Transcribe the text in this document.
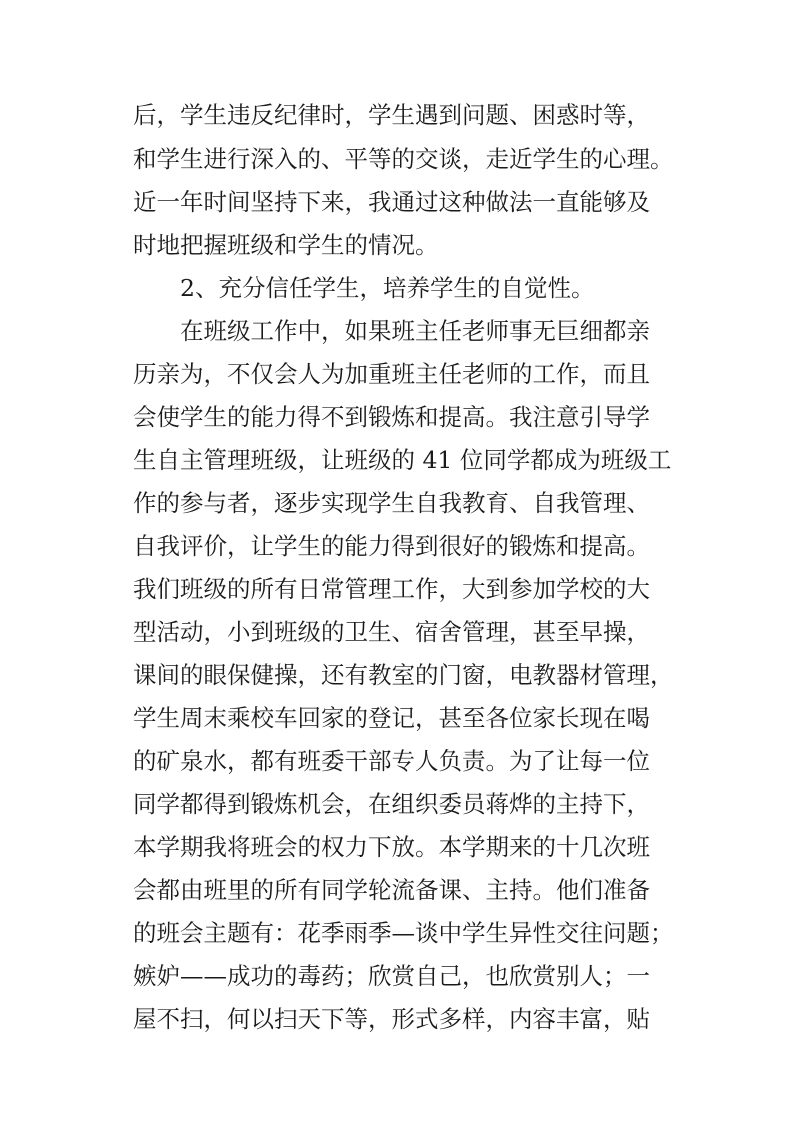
后，学生违反纪律时，学生遇到问题、困惑时等，
和学生进行深入的、平等的交谈，走近学生的心理。
近一年时间坚持下来，我通过这种做法一直能够及
时地把握班级和学生的情况。
2、充分信任学生，培养学生的自觉性。
在班级工作中，如果班主任老师事无巨细都亲
历亲为，不仅会人为加重班主任老师的工作，而且
会使学生的能力得不到锻炼和提高。我注意引导学
生自主管理班级，让班级的 41 位同学都成为班级工
作的参与者，逐步实现学生自我教育、自我管理、
自我评价，让学生的能力得到很好的锻炼和提高。
我们班级的所有日常管理工作，大到参加学校的大
型活动，小到班级的卫生、宿舍管理，甚至早操，
课间的眼保健操，还有教室的门窗，电教器材管理，
学生周末乘校车回家的登记，甚至各位家长现在喝
的矿泉水，都有班委干部专人负责。为了让每一位
同学都得到锻炼机会，在组织委员蒋烨的主持下，
本学期我将班会的权力下放。本学期来的十几次班
会都由班里的所有同学轮流备课、主持。他们准备
的班会主题有：花季雨季—谈中学生异性交往问题；
嫉妒——成功的毒药；欣赏自己，也欣赏别人；一
屋不扫，何以扫天下等，形式多样，内容丰富，贴
